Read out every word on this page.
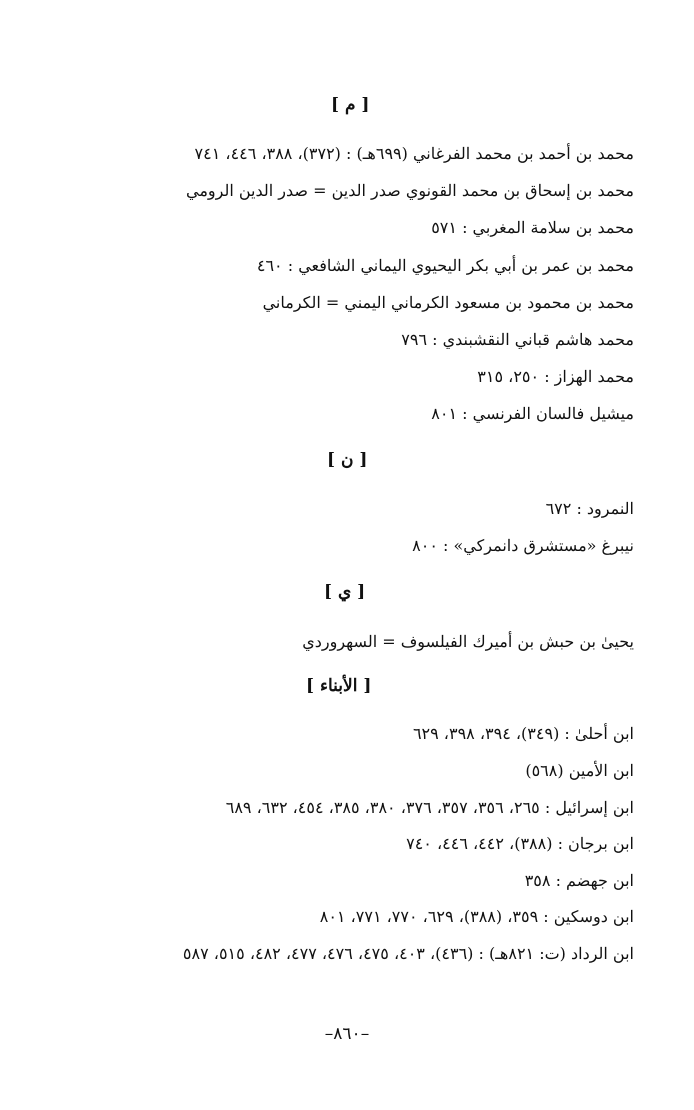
[ م ]
محمد بن أحمد بن محمد الفرغاني (٦٩٩هـ) : (٣٧٢)، ٣٨٨، ٤٤٦، ٧٤١
محمد بن إسحاق بن محمد القونوي صدر الدين = صدر الدين الرومي
محمد بن سلامة المغربي : ٥٧١
محمد بن عمر بن أبي بكر اليحيوي اليماني الشافعي : ٤٦٠
محمد بن محمود بن مسعود الكرماني اليمني = الكرماني
محمد هاشم قباني النقشبندي : ٧٩٦
محمد الهزاز : ٢٥٠، ٣١٥
ميشيل فالسان الفرنسي : ٨٠١
[ ن ]
النمرود : ٦٧٢
نيبرغ «مستشرق دانمركي» : ٨٠٠
[ ي ]
يحيىٰ بن حبش بن أميرك الفيلسوف = السهروردي
[ الأبناء ]
ابن أحلىٰ : (٣٤٩)، ٣٩٤، ٣٩٨، ٦٢٩
ابن الأمين (٥٦٨)
ابن إسرائيل : ٢٦٥، ٣٥٦، ٣٥٧، ٣٧٦، ٣٨٠، ٣٨٥، ٤٥٤، ٦٣٢، ٦٨٩
ابن برجان : (٣٨٨)، ٤٤٢، ٤٤٦، ٧٤٠
ابن جهضم : ٣٥٨
ابن دوسكين : ٣٥٩، (٣٨٨)، ٦٢٩، ٧٧٠، ٧٧١، ٨٠١
ابن الرداد (ت: ٨٢١هـ) : (٤٣٦)، ٤٠٣، ٤٧٥، ٤٧٦، ٤٧٧، ٤٨٢، ٥١٥، ٥٨٧
–٨٦٠–
